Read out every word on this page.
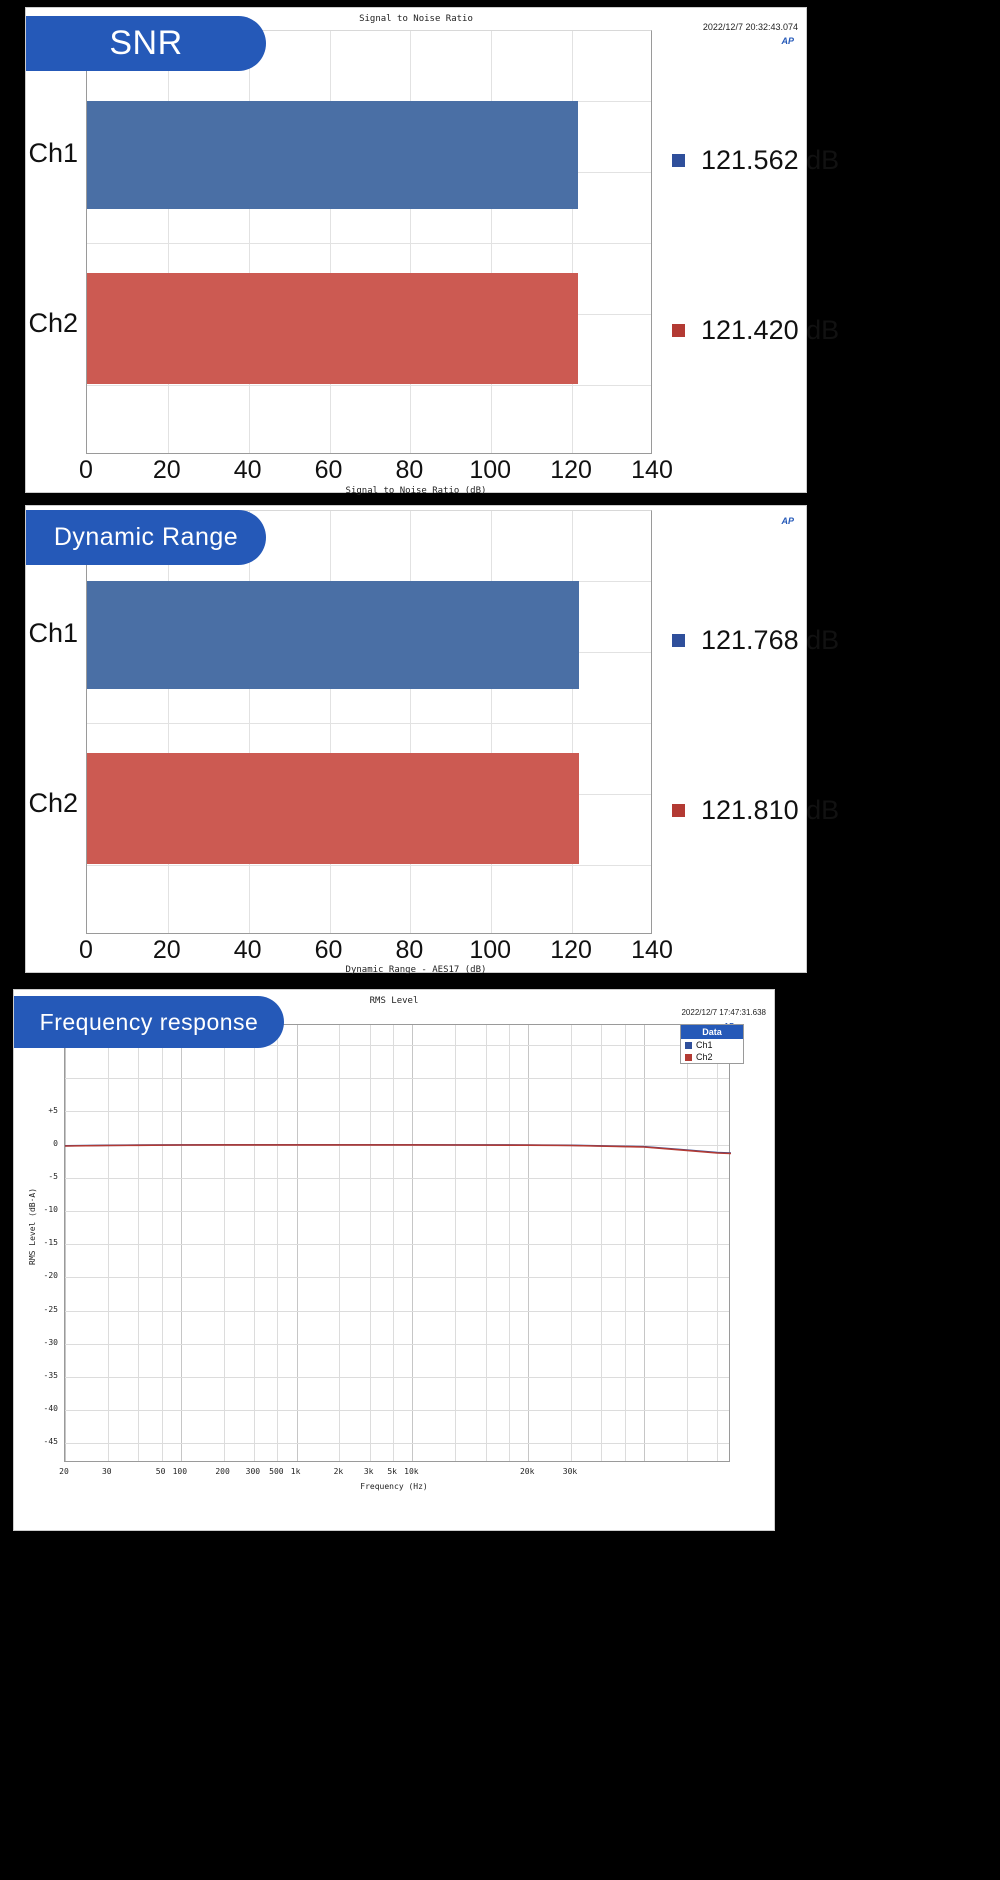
Signal to Noise Ratio
2022/12/7 20:32:43.074
AP
Ch1
Ch2
0	20	40	60	80	100	120	140
Signal to Noise Ratio (dB)
121.562 dB
121.420 dB
SNR
AP
Ch1
Ch2
0	20	40	60	80	100	120	140
Dynamic Range - AES17 (dB)
121.768 dB
121.810 dB
Dynamic Range
RMS Level
2022/12/7 17:47:31.638
RMS Level (dB·A)
+5
0
-5
-10
-15
-20
-25
-30
-35
-40
-45
20	30	50 100	200	300	500 1k	2k	3k	5k 10k	20k	30k
Frequency (Hz)
Data
Ch1
Ch2
Frequency response
